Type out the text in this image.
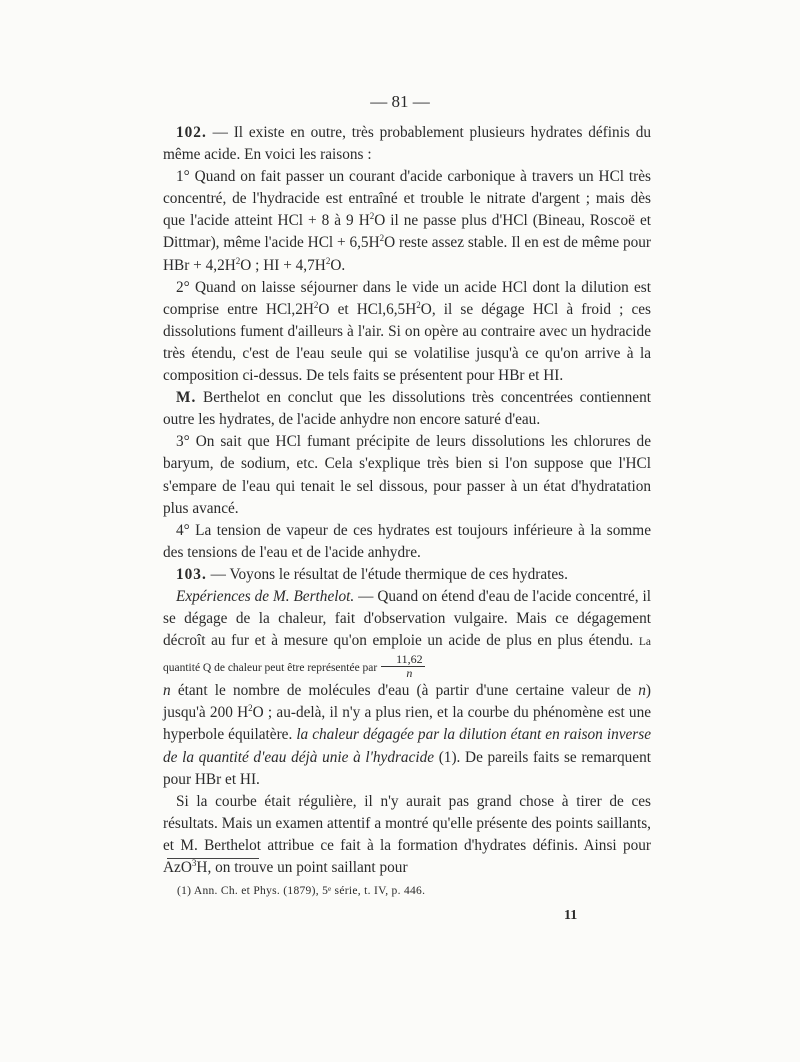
— 81 —

102. — Il existe en outre, très probablement plusieurs hydrates définis du même acide. En voici les raisons :

1° Quand on fait passer un courant d'acide carbonique à travers un HCl très concentré, de l'hydracide est entraîné et trouble le nitrate d'argent ; mais dès que l'acide atteint HCl + 8 à 9 $H^2O$ il ne passe plus d'HCl (Bineau, Roscoë et Dittmar), même l'acide HCl + $6,5H^2O$ reste assez stable. Il en est de même pour HBr + $4,2H^2O$ ; HI + $4,7H^2O$.

2° Quand on laisse séjourner dans le vide un acide HCl dont la dilution est comprise entre $HCl,2H^2O$ et $HCl,6,5H^2O$, il se dégage HCl à froid ; ces dissolutions fument d'ailleurs à l'air. Si on opère au contraire avec un hydracide très étendu, c'est de l'eau seule qui se volatilise jusqu'à ce qu'on arrive à la composition ci-dessus. De tels faits se présentent pour HBr et HI.

M. Berthelot en conclut que les dissolutions très concentrées contiennent outre les hydrates, de l'acide anhydre non encore saturé d'eau.

3° On sait que HCl fumant précipite de leurs dissolutions les chlorures de baryum, de sodium, etc. Cela s'explique très bien si l'on suppose que l'HCl s'empare de l'eau qui tenait le sel dissous, pour passer à un état d'hydratation plus avancé.

4° La tension de vapeur de ces hydrates est toujours inférieure à la somme des tensions de l'eau et de l'acide anhydre.

103. — Voyons le résultat de l'étude thermique de ces hydrates.

Expériences de M. Berthelot. — Quand on étend d'eau de l'acide concentré, il se dégage de la chaleur, fait d'observation vulgaire. Mais ce dégagement décroît au fur et à mesure qu'on emploie un acide de plus en plus étendu. La quantité Q de chaleur peut être représentée par $\frac{11,62}{n}$

n étant le nombre de molécules d'eau (à partir d'une certaine valeur de n) jusqu'à 200 $H^2O$ ; au-delà, il n'y a plus rien, et la courbe du phénomène est une hyperbole équilatère. la chaleur dégagée par la dilution étant en raison inverse de la quantité d'eau déjà unie à l'hydracide (1). De pareils faits se remarquent pour HBr et HI.

Si la courbe était régulière, il n'y aurait pas grand chose à tirer de ces résultats. Mais un examen attentif a montré qu'elle présente des points saillants, et M. Berthelot attribue ce fait à la formation d'hydrates définis. Ainsi pour AzO$^3$H, on trouve un point saillant pour

(1) Ann. Ch. et Phys. (1879), 5ᵉ série, t. IV, p. 446.
11
